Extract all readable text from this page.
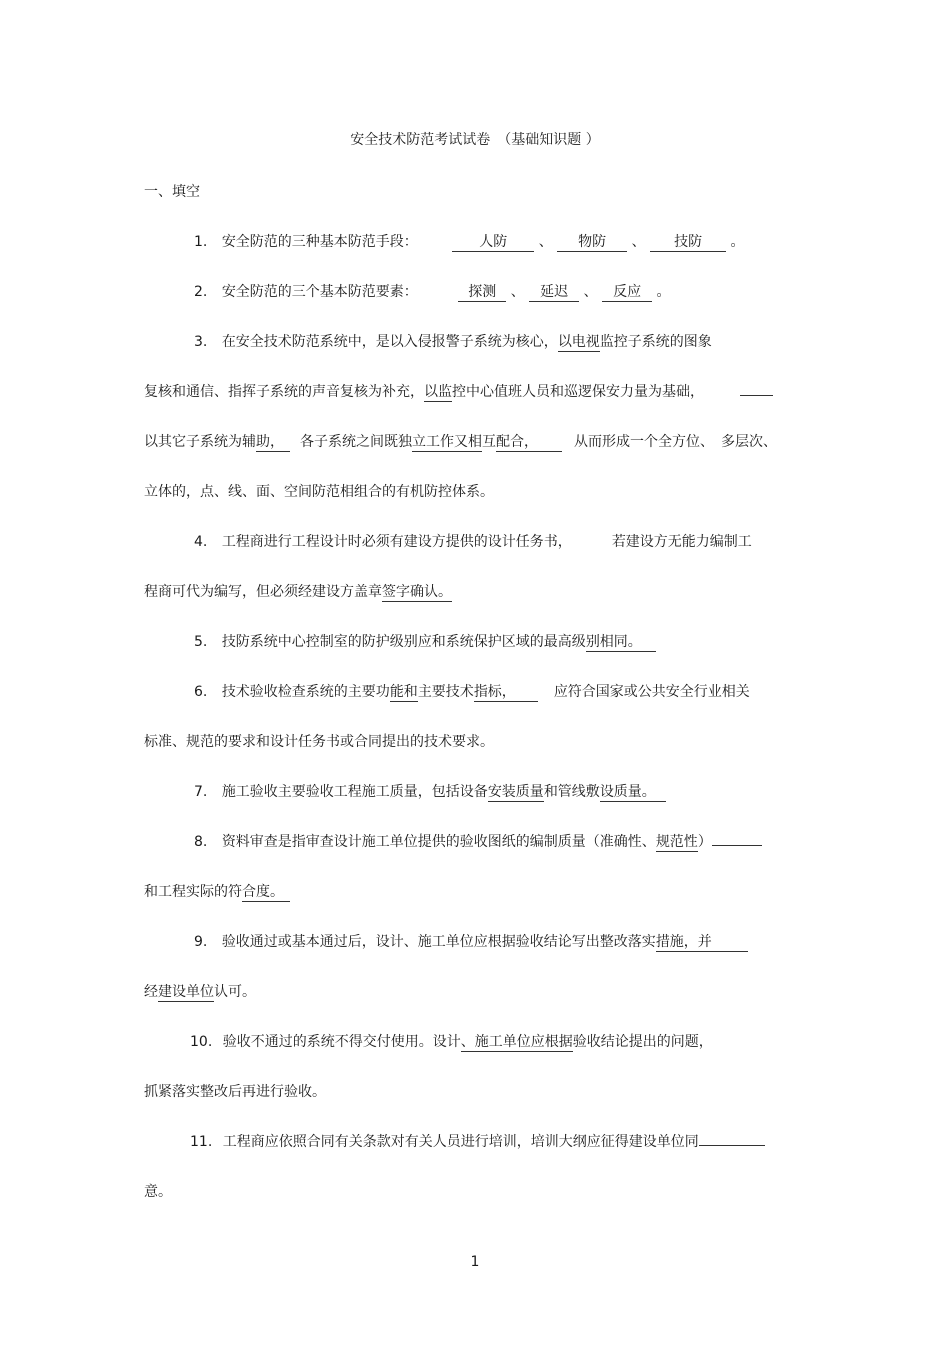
安全技术防范考试试卷　（基础知识题 ）
一、填空
1. 安全防范的三种基本防范手段：	人防 、 物防 、 技防 。
2. 安全防范的三个基本防范要素：	探测 、 延迟 、 反应 。
3. 在安全技术防范系统中，是以入侵报警子系统为核心，以电视监控子系统的图象
复核和通信、指挥子系统的声音复核为补充，以监控中心值班人员和巡逻保安力量为基础，
以其它子系统为辅助， 各子系统之间既独立工作又相互配合，	从而形成一个全方位、　多层次、
立体的，点、线、面、空间防范相组合的有机防控体系。
4. 工程商进行工程设计时必须有建设方提供的设计任务书，	若建设方无能力编制工
程商可代为编写，但必须经建设方盖章签字确认。
5. 技防系统中心控制室的防护级别应和系统保护区域的最高级别相同。
6. 技术验收检查系统的主要功能和主要技术指标，	应符合国家或公共安全行业相关
标准、规范的要求和设计任务书或合同提出的技术要求。
7. 施工验收主要验收工程施工质量，包括设备安装质量和管线敷设质量。
8. 资料审查是指审查设计施工单位提供的验收图纸的编制质量（准确性、规范性）
和工程实际的符合度。
9. 验收通过或基本通过后，设计、施工单位应根据验收结论写出整改落实措施，并
经建设单位认可。
10. 验收不通过的系统不得交付使用。设计、施工单位应根据验收结论提出的问题，
抓紧落实整改后再进行验收。
11. 工程商应依照合同有关条款对有关人员进行培训，培训大纲应征得建设单位同
意。
1
